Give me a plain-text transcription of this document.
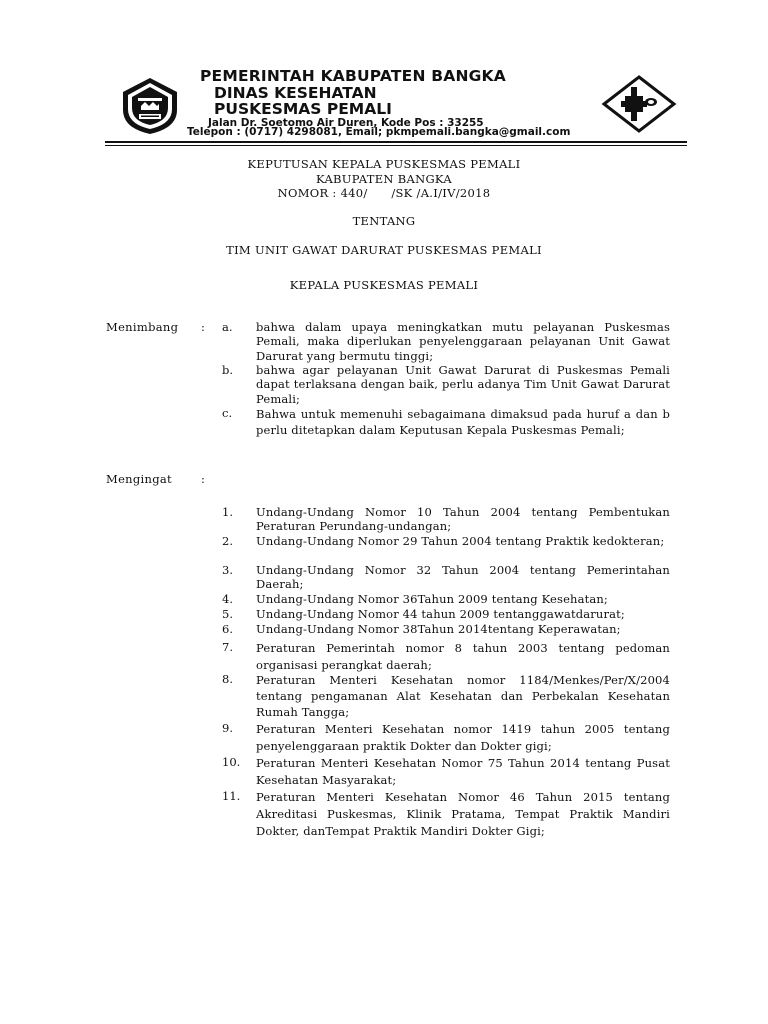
PEMERINTAH KABUPATEN BANGKA
DINAS KESEHATAN
PUSKESMAS PEMALI
Jalan Dr. Soetomo Air Duren, Kode Pos : 33255
Telepon : (0717) 4298081, Email; pkmpemali.bangka@gmail.com
KEPUTUSAN KEPALA PUSKESMAS PEMALI
KABUPATEN BANGKA
NOMOR : 440/      /SK /A.I/IV/2018
TENTANG
TIM UNIT GAWAT DARURAT PUSKESMAS PEMALI
KEPALA PUSKESMAS PEMALI
Menimbang : a. bahwa dalam upaya meningkatkan mutu pelayanan Puskesmas Pemali, maka diperlukan penyelenggaraan pelayanan Unit Gawat Darurat yang bermutu tinggi;
b. bahwa agar pelayanan Unit Gawat Darurat di Puskesmas Pemali dapat terlaksana dengan baik, perlu adanya Tim Unit Gawat Darurat Pemali;
c. Bahwa untuk memenuhi sebagaimana dimaksud pada huruf a dan b perlu ditetapkan dalam Keputusan Kepala Puskesmas Pemali;
Mengingat	:
1. Undang-Undang Nomor 10 Tahun 2004 tentang Pembentukan Peraturan Perundang-undangan;
2. Undang-Undang Nomor 29 Tahun 2004 tentang Praktik kedokteran;
3. Undang-Undang Nomor 32 Tahun 2004 tentang Pemerintahan Daerah;
4. Undang-Undang Nomor 36Tahun 2009 tentang Kesehatan;
5. Undang-Undang Nomor 44 tahun 2009 tentanggawatdarurat;
6. Undang-Undang Nomor 38Tahun 2014tentang Keperawatan;
7. Peraturan Pemerintah nomor 8 tahun 2003 tentang pedoman organisasi perangkat daerah;
8. Peraturan Menteri Kesehatan nomor 1184/Menkes/Per/X/2004 tentang pengamanan Alat Kesehatan dan Perbekalan Kesehatan Rumah Tangga;
9. Peraturan Menteri Kesehatan nomor 1419 tahun 2005 tentang penyelenggaraan praktik Dokter dan Dokter gigi;
10. Peraturan Menteri Kesehatan Nomor 75 Tahun 2014 tentang Pusat Kesehatan Masyarakat;
11. Peraturan Menteri Kesehatan Nomor 46 Tahun 2015 tentang Akreditasi Puskesmas, Klinik Pratama, Tempat Praktik Mandiri Dokter, danTempat Praktik Mandiri Dokter Gigi;
